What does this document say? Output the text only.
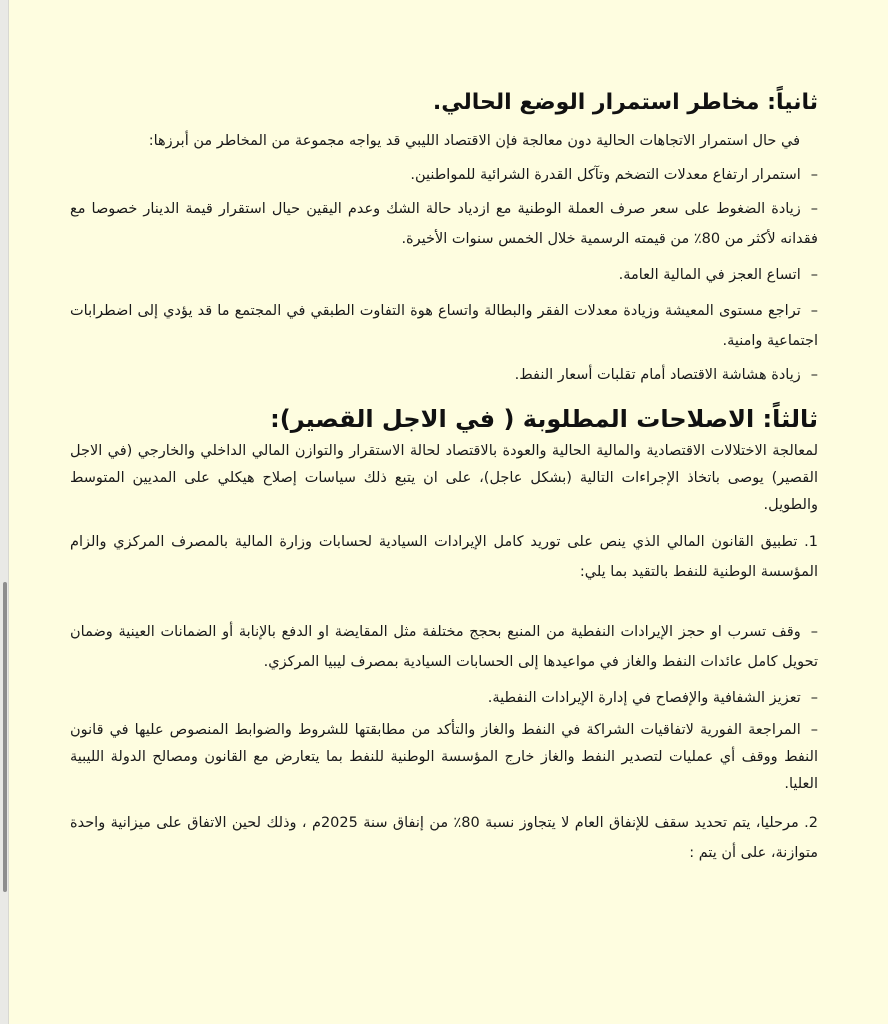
ثانياً: مخاطر استمرار الوضع الحالي.

في حال استمرار الاتجاهات الحالية دون معالجة فإن الاقتصاد الليبي قد يواجه مجموعة من المخاطر من أبرزها:

–استمرار ارتفاع معدلات التضخم وتآكل القدرة الشرائية للمواطنين.

–زيادة الضغوط على سعر صرف العملة الوطنية مع ازدياد حالة الشك وعدم اليقين حيال استقرار قيمة الدينار خصوصا مع فقدانه لأكثر من 80٪ من قيمته الرسمية خلال الخمس سنوات الأخيرة.

–اتساع العجز في المالية العامة.

–تراجع مستوى المعيشة وزيادة معدلات الفقر والبطالة واتساع هوة التفاوت الطبقي في المجتمع ما قد يؤدي إلى اضطرابات اجتماعية وامنية.

–زيادة هشاشة الاقتصاد أمام تقلبات أسعار النفط.

ثالثاً: الاصلاحات المطلوبة ( في الاجل القصير):

لمعالجة الاختلالات الاقتصادية والمالية الحالية والعودة بالاقتصاد لحالة الاستقرار والتوازن المالي الداخلي والخارجي (في الاجل القصير) يوصى باتخاذ الإجراءات التالية (بشكل عاجل)، على ان يتبع ذلك سياسات إصلاح هيكلي على المديين المتوسط والطويل.

1. تطبيق القانون المالي الذي ينص على توريد كامل الإيرادات السيادية لحسابات وزارة المالية بالمصرف المركزي والزام المؤسسة الوطنية للنفط بالتقيد بما يلي:

–وقف تسرب او حجز الإيرادات النفطية من المنبع بحجج مختلفة مثل المقايضة او الدفع بالإنابة أو الضمانات العينية وضمان تحويل كامل عائدات النفط والغاز في مواعيدها إلى الحسابات السيادية بمصرف ليبيا المركزي.

–تعزيز الشفافية والإفصاح في إدارة الإيرادات النفطية.

–المراجعة الفورية لاتفاقيات الشراكة في النفط والغاز والتأكد من مطابقتها للشروط والضوابط المنصوص عليها في قانون النفط ووقف أي عمليات لتصدير النفط والغاز خارج المؤسسة الوطنية للنفط بما يتعارض مع القانون ومصالح الدولة الليبية العليا.

2. مرحليا، يتم تحديد سقف للإنفاق العام لا يتجاوز نسبة 80٪ من إنفاق سنة 2025م ، وذلك لحين الاتفاق على ميزانية واحدة متوازنة، على أن يتم :
